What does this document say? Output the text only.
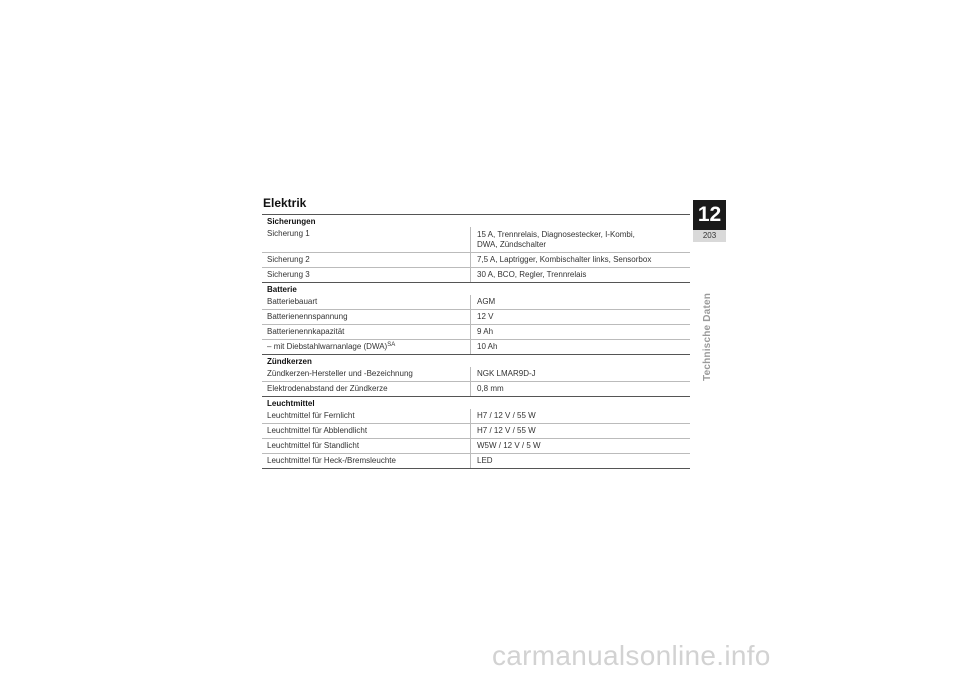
Elektrik
Sicherungen
Sicherung 1	15 A, Trennrelais, Diagnosestecker, I-Kombi,
DWA, Zündschalter
Sicherung 2	7,5 A, Laptrigger, Kombischalter links, Sensorbox
Sicherung 3	30 A, BCO, Regler, Trennrelais
Batterie
Batteriebauart	AGM
Batterienennspannung	12 V
Batterienennkapazität	9 Ah
– mit Diebstahlwarnanlage (DWA)$^{SA}$	10 Ah
Zündkerzen
Zündkerzen-Hersteller und -Bezeichnung	NGK LMAR9D-J
Elektrodenabstand der Zündkerze	0,8 mm
Leuchtmittel
Leuchtmittel für Fernlicht	H7 / 12 V / 55 W
Leuchtmittel für Abblendlicht	H7 / 12 V / 55 W
Leuchtmittel für Standlicht	W5W / 12 V / 5 W
Leuchtmittel für Heck-/Bremsleuchte	LED
12
203
Technische Daten
carmanualsonline.info
